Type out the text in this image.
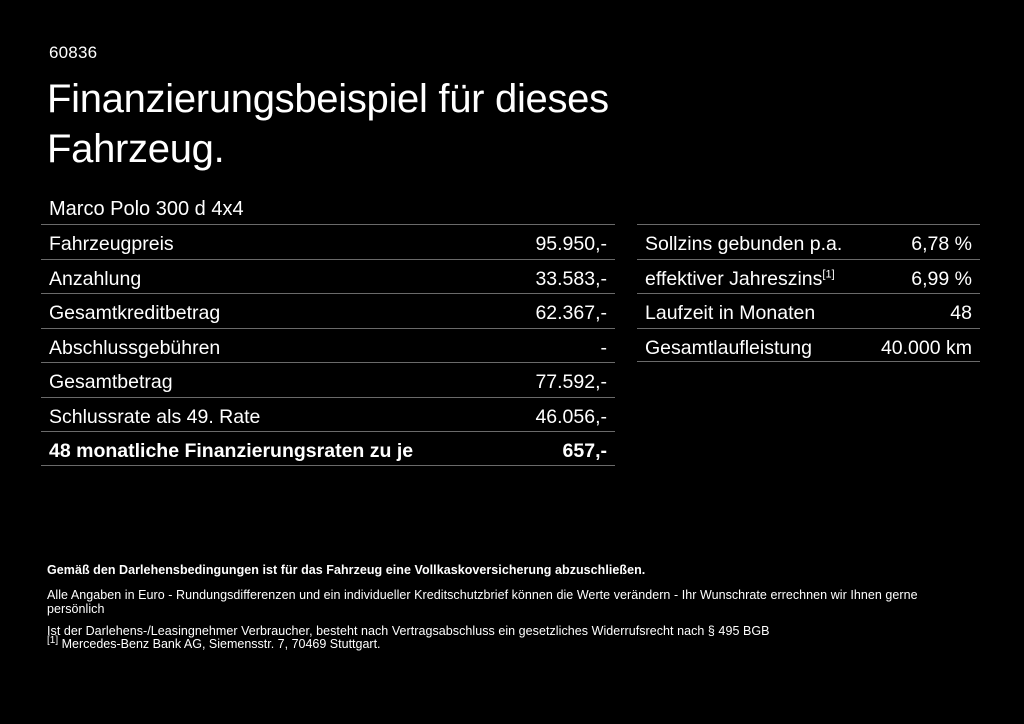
60836
Finanzierungsbeispiel für dieses Fahrzeug.
Marco Polo 300 d 4x4
Fahrzeugpreis	95.950,-
Anzahlung	33.583,-
Gesamtkreditbetrag	62.367,-
Abschlussgebühren	-
Gesamtbetrag	77.592,-
Schlussrate als 49. Rate	46.056,-
48 monatliche Finanzierungsraten zu je	657,-
Sollzins gebunden p.a.	6,78 %
effektiver Jahreszins[1]	6,99 %
Laufzeit in Monaten	48
Gesamtlaufleistung	40.000 km
Gemäß den Darlehensbedingungen ist für das Fahrzeug eine Vollkaskoversicherung abzuschließen.
Alle Angaben in Euro - Rundungsdifferenzen und ein individueller Kreditschutzbrief können die Werte verändern - Ihr Wunschrate errechnen wir Ihnen gerne persönlich
Ist der Darlehens-/Leasingnehmer Verbraucher, besteht nach Vertragsabschluss ein gesetzliches Widerrufsrecht nach § 495 BGB
[1] Mercedes-Benz Bank AG, Siemensstr. 7, 70469 Stuttgart.
